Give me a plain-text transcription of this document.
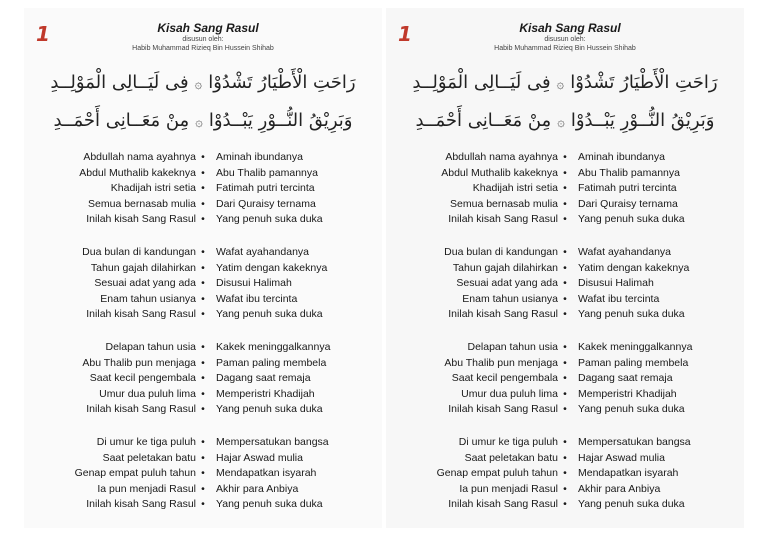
1	Kisah Sang Rasul
disusun oleh:
Habib Muhammad Rizieq Bin Hussein Shihab
رَاحَتِ الْأَطْيَارُ تَشْدُوْا۞فِى لَيَــالِى الْمَوْلِــدِ
وَبَرِيْقُ النُّــوْرِ يَبْــدُوْا۞مِنْ مَعَــانِى أَحْمَــدِ
Abdullah nama ayahnya •	Aminah ibundanya
Abdul Muthalib kakeknya •	Abu Thalib pamannya
Khadijah istri setia •	Fatimah putri tercinta
Semua bernasab mulia •	Dari Quraisy ternama
Inilah kisah Sang Rasul •	Yang penuh suka duka
Dua bulan di kandungan •	Wafat ayahandanya
Tahun gajah dilahirkan •	Yatim dengan kakeknya
Sesuai adat yang ada •	Disusui Halimah
Enam tahun usianya •	Wafat ibu tercinta
Inilah kisah Sang Rasul •	Yang penuh suka duka
Delapan tahun usia •	Kakek meninggalkannya
Abu Thalib pun menjaga •	Paman paling membela
Saat kecil pengembala •	Dagang saat remaja
Umur dua puluh lima •	Memperistri Khadijah
Inilah kisah Sang Rasul •	Yang penuh suka duka
Di umur ke tiga puluh •	Mempersatukan bangsa
Saat peletakan batu •	Hajar Aswad mulia
Genap empat puluh tahun •	Mendapatkan isyarah
Ia pun menjadi Rasul •	Akhir para Anbiya
Inilah kisah Sang Rasul •	Yang penuh suka duka
1	Kisah Sang Rasul
disusun oleh:
Habib Muhammad Rizieq Bin Hussein Shihab
رَاحَتِ الْأَطْيَارُ تَشْدُوْا۞فِى لَيَــالِى الْمَوْلِــدِ
وَبَرِيْقُ النُّــوْرِ يَبْــدُوْا۞مِنْ مَعَــانِى أَحْمَــدِ
Abdullah nama ayahnya •	Aminah ibundanya
Abdul Muthalib kakeknya •	Abu Thalib pamannya
Khadijah istri setia •	Fatimah putri tercinta
Semua bernasab mulia •	Dari Quraisy ternama
Inilah kisah Sang Rasul •	Yang penuh suka duka
Dua bulan di kandungan •	Wafat ayahandanya
Tahun gajah dilahirkan •	Yatim dengan kakeknya
Sesuai adat yang ada •	Disusui Halimah
Enam tahun usianya •	Wafat ibu tercinta
Inilah kisah Sang Rasul •	Yang penuh suka duka
Delapan tahun usia •	Kakek meninggalkannya
Abu Thalib pun menjaga •	Paman paling membela
Saat kecil pengembala •	Dagang saat remaja
Umur dua puluh lima •	Memperistri Khadijah
Inilah kisah Sang Rasul •	Yang penuh suka duka
Di umur ke tiga puluh •	Mempersatukan bangsa
Saat peletakan batu •	Hajar Aswad mulia
Genap empat puluh tahun •	Mendapatkan isyarah
Ia pun menjadi Rasul •	Akhir para Anbiya
Inilah kisah Sang Rasul •	Yang penuh suka duka
